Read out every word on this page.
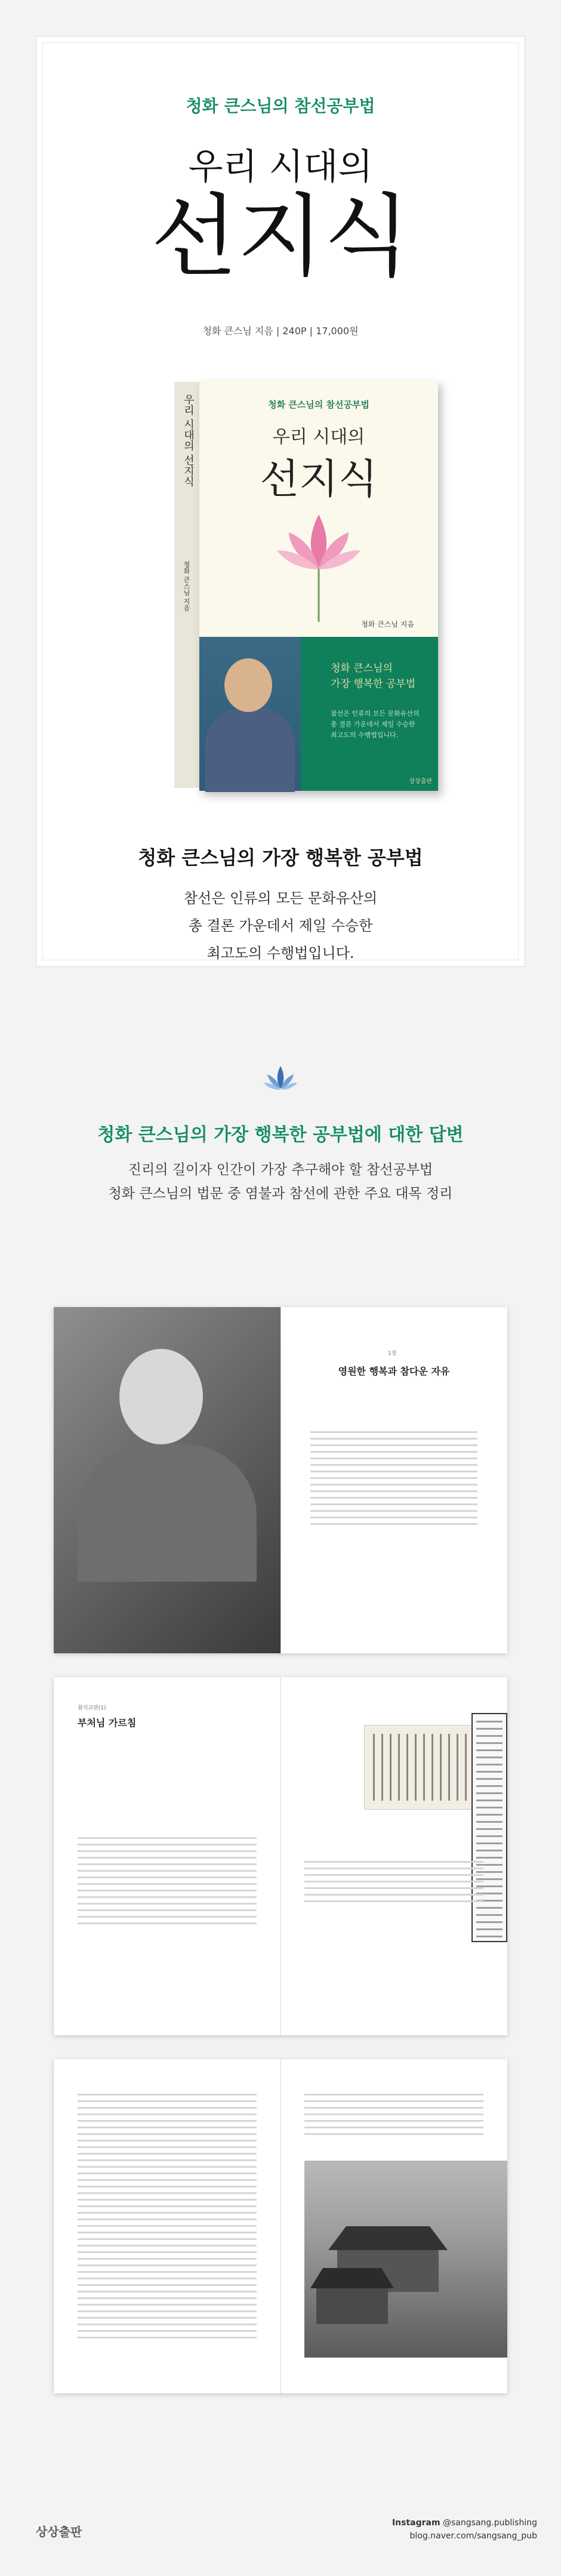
청화 큰스님의 참선공부법
우리 시대의
선지식
청화 큰스님 지음 | 240P | 17,000원
우리 시대의 선지식
청화 큰스님 지음
청화 큰스님의 참선공부법
우리 시대의
선지식
청화 큰스님 지음
청화 큰스님의
가장 행복한 공부법
참선은 인류의 모든 문화유산의
총 결론 가운데서 제일 수승한
최고도의 수행법입니다.
상상출판
청화 큰스님의 가장 행복한 공부법
참선은 인류의 모든 문화유산의
총 결론 가운데서 제일 수승한
최고도의 수행법입니다.
청화 큰스님의 가장 행복한 공부법에 대한 답변
진리의 길이자 인간이 가장 추구해야 할 참선공부법
청화 큰스님의 법문 중 염불과 참선에 관한 주요 대목 정리
1장
영원한 행복과 참다운 자유
참석교관(1)
부처님 가르침
상상출판
Instagram @sangsang.publishing
blog.naver.com/sangsang_pub
